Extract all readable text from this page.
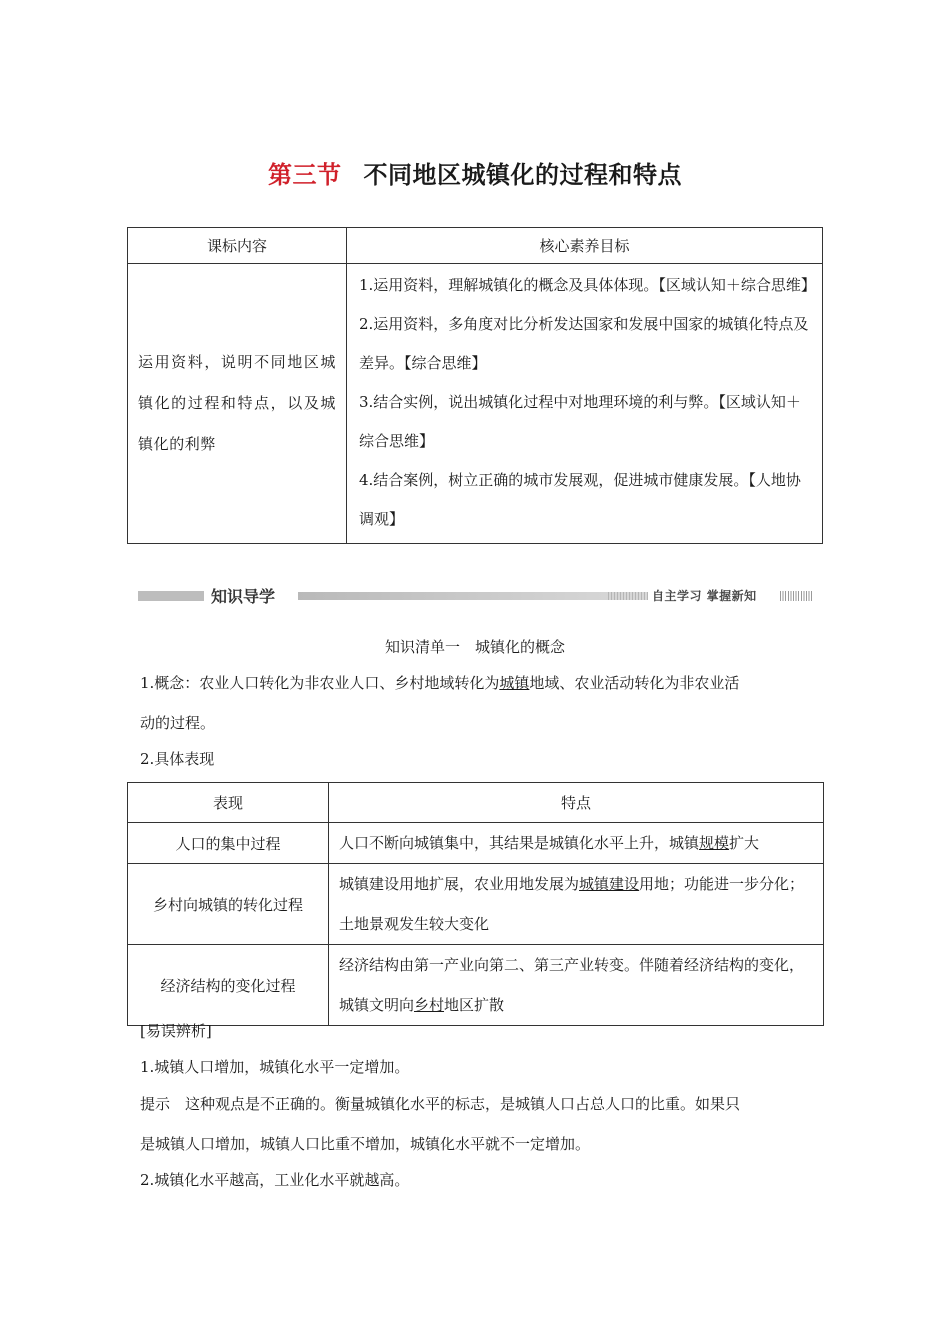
第三节 不同地区城镇化的过程和特点
课标内容	核心素养目标
运用资料，说明不同地区城镇化的过程和特点，以及城镇化的利弊	1.运用资料，理解城镇化的概念及具体体现。【区域认知＋综合思维】
2.运用资料，多角度对比分析发达国家和发展中国家的城镇化特点及差异。【综合思维】
3.结合实例，说出城镇化过程中对地理环境的利与弊。【区域认知＋综合思维】
4.结合案例，树立正确的城市发展观，促进城市健康发展。【人地协调观】
知识导学	自主学习 掌握新知
知识清单一　城镇化的概念
1.概念：农业人口转化为非农业人口、乡村地域转化为城镇地域、农业活动转化为非农业活
动的过程。
2.具体表现
表现	特点
人口的集中过程	人口不断向城镇集中，其结果是城镇化水平上升，城镇规模扩大
乡村向城镇的转化过程	城镇建设用地扩展，农业用地发展为城镇建设用地；功能进一步分化；土地景观发生较大变化
经济结构的变化过程	经济结构由第一产业向第二、第三产业转变。伴随着经济结构的变化，城镇文明向乡村地区扩散
[易误辨析]
1.城镇人口增加，城镇化水平一定增加。
提示　这种观点是不正确的。衡量城镇化水平的标志，是城镇人口占总人口的比重。如果只
是城镇人口增加，城镇人口比重不增加，城镇化水平就不一定增加。
2.城镇化水平越高，工业化水平就越高。
